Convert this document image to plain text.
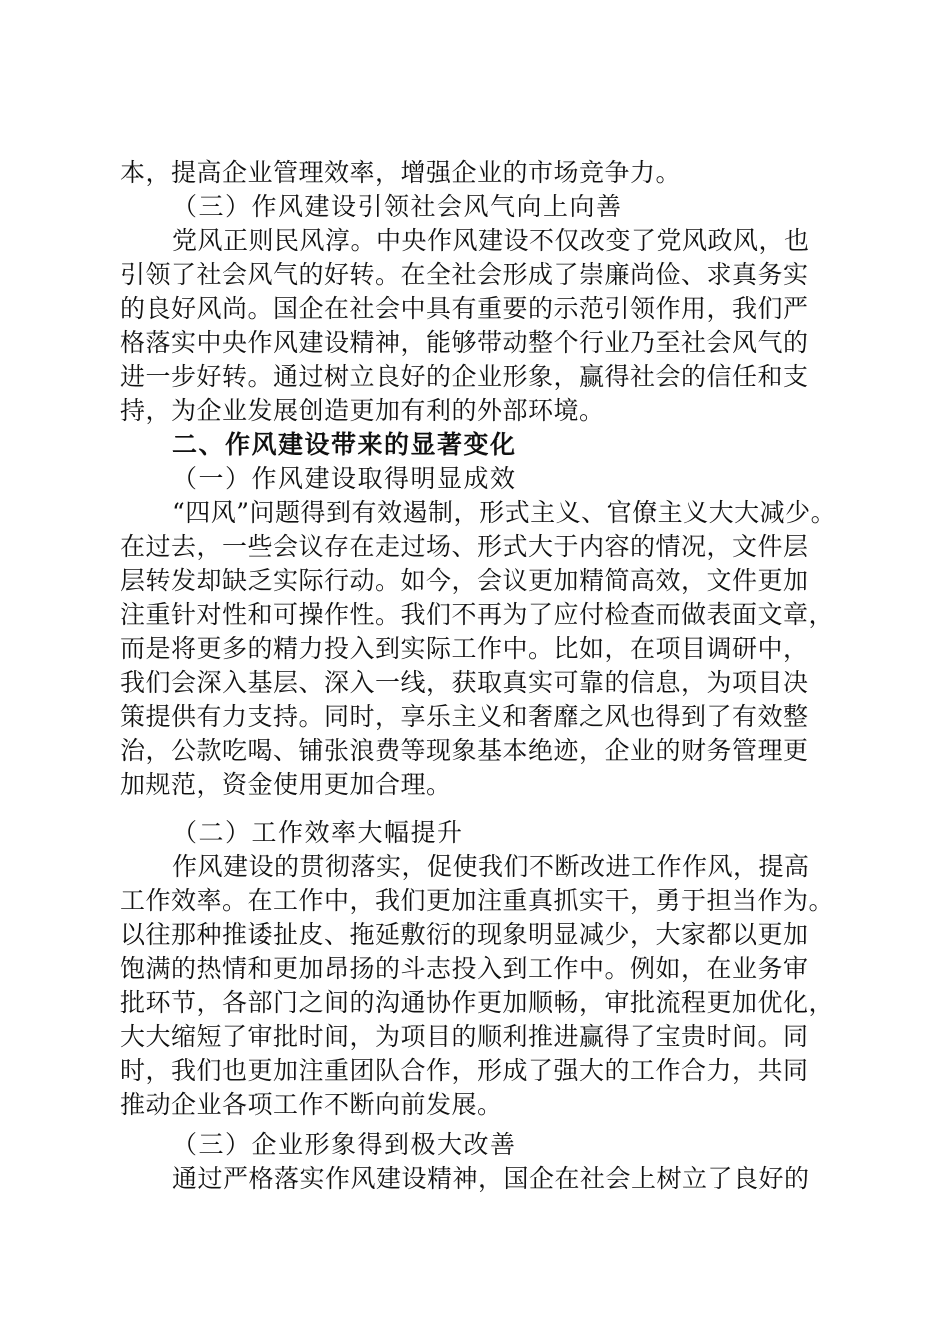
本，提高企业管理效率，增强企业的市场竞争力。
（三）作风建设引领社会风气向上向善
党风正则民风淳。中央作风建设不仅改变了党风政风，也
引领了社会风气的好转。在全社会形成了崇廉尚俭、求真务实
的良好风尚。国企在社会中具有重要的示范引领作用，我们严
格落实中央作风建设精神，能够带动整个行业乃至社会风气的
进一步好转。通过树立良好的企业形象，赢得社会的信任和支
持，为企业发展创造更加有利的外部环境。
二、作风建设带来的显著变化
（一）作风建设取得明显成效
“四风”问题得到有效遏制，形式主义、官僚主义大大减少。
在过去，一些会议存在走过场、形式大于内容的情况，文件层
层转发却缺乏实际行动。如今，会议更加精简高效，文件更加
注重针对性和可操作性。我们不再为了应付检查而做表面文章，
而是将更多的精力投入到实际工作中。比如，在项目调研中，
我们会深入基层、深入一线，获取真实可靠的信息，为项目决
策提供有力支持。同时，享乐主义和奢靡之风也得到了有效整
治，公款吃喝、铺张浪费等现象基本绝迹，企业的财务管理更
加规范，资金使用更加合理。
（二）工作效率大幅提升
作风建设的贯彻落实，促使我们不断改进工作作风，提高
工作效率。在工作中，我们更加注重真抓实干，勇于担当作为。
以往那种推诿扯皮、拖延敷衍的现象明显减少，大家都以更加
饱满的热情和更加昂扬的斗志投入到工作中。例如，在业务审
批环节，各部门之间的沟通协作更加顺畅，审批流程更加优化，
大大缩短了审批时间，为项目的顺利推进赢得了宝贵时间。同
时，我们也更加注重团队合作，形成了强大的工作合力，共同
推动企业各项工作不断向前发展。
（三）企业形象得到极大改善
通过严格落实作风建设精神，国企在社会上树立了良好的
